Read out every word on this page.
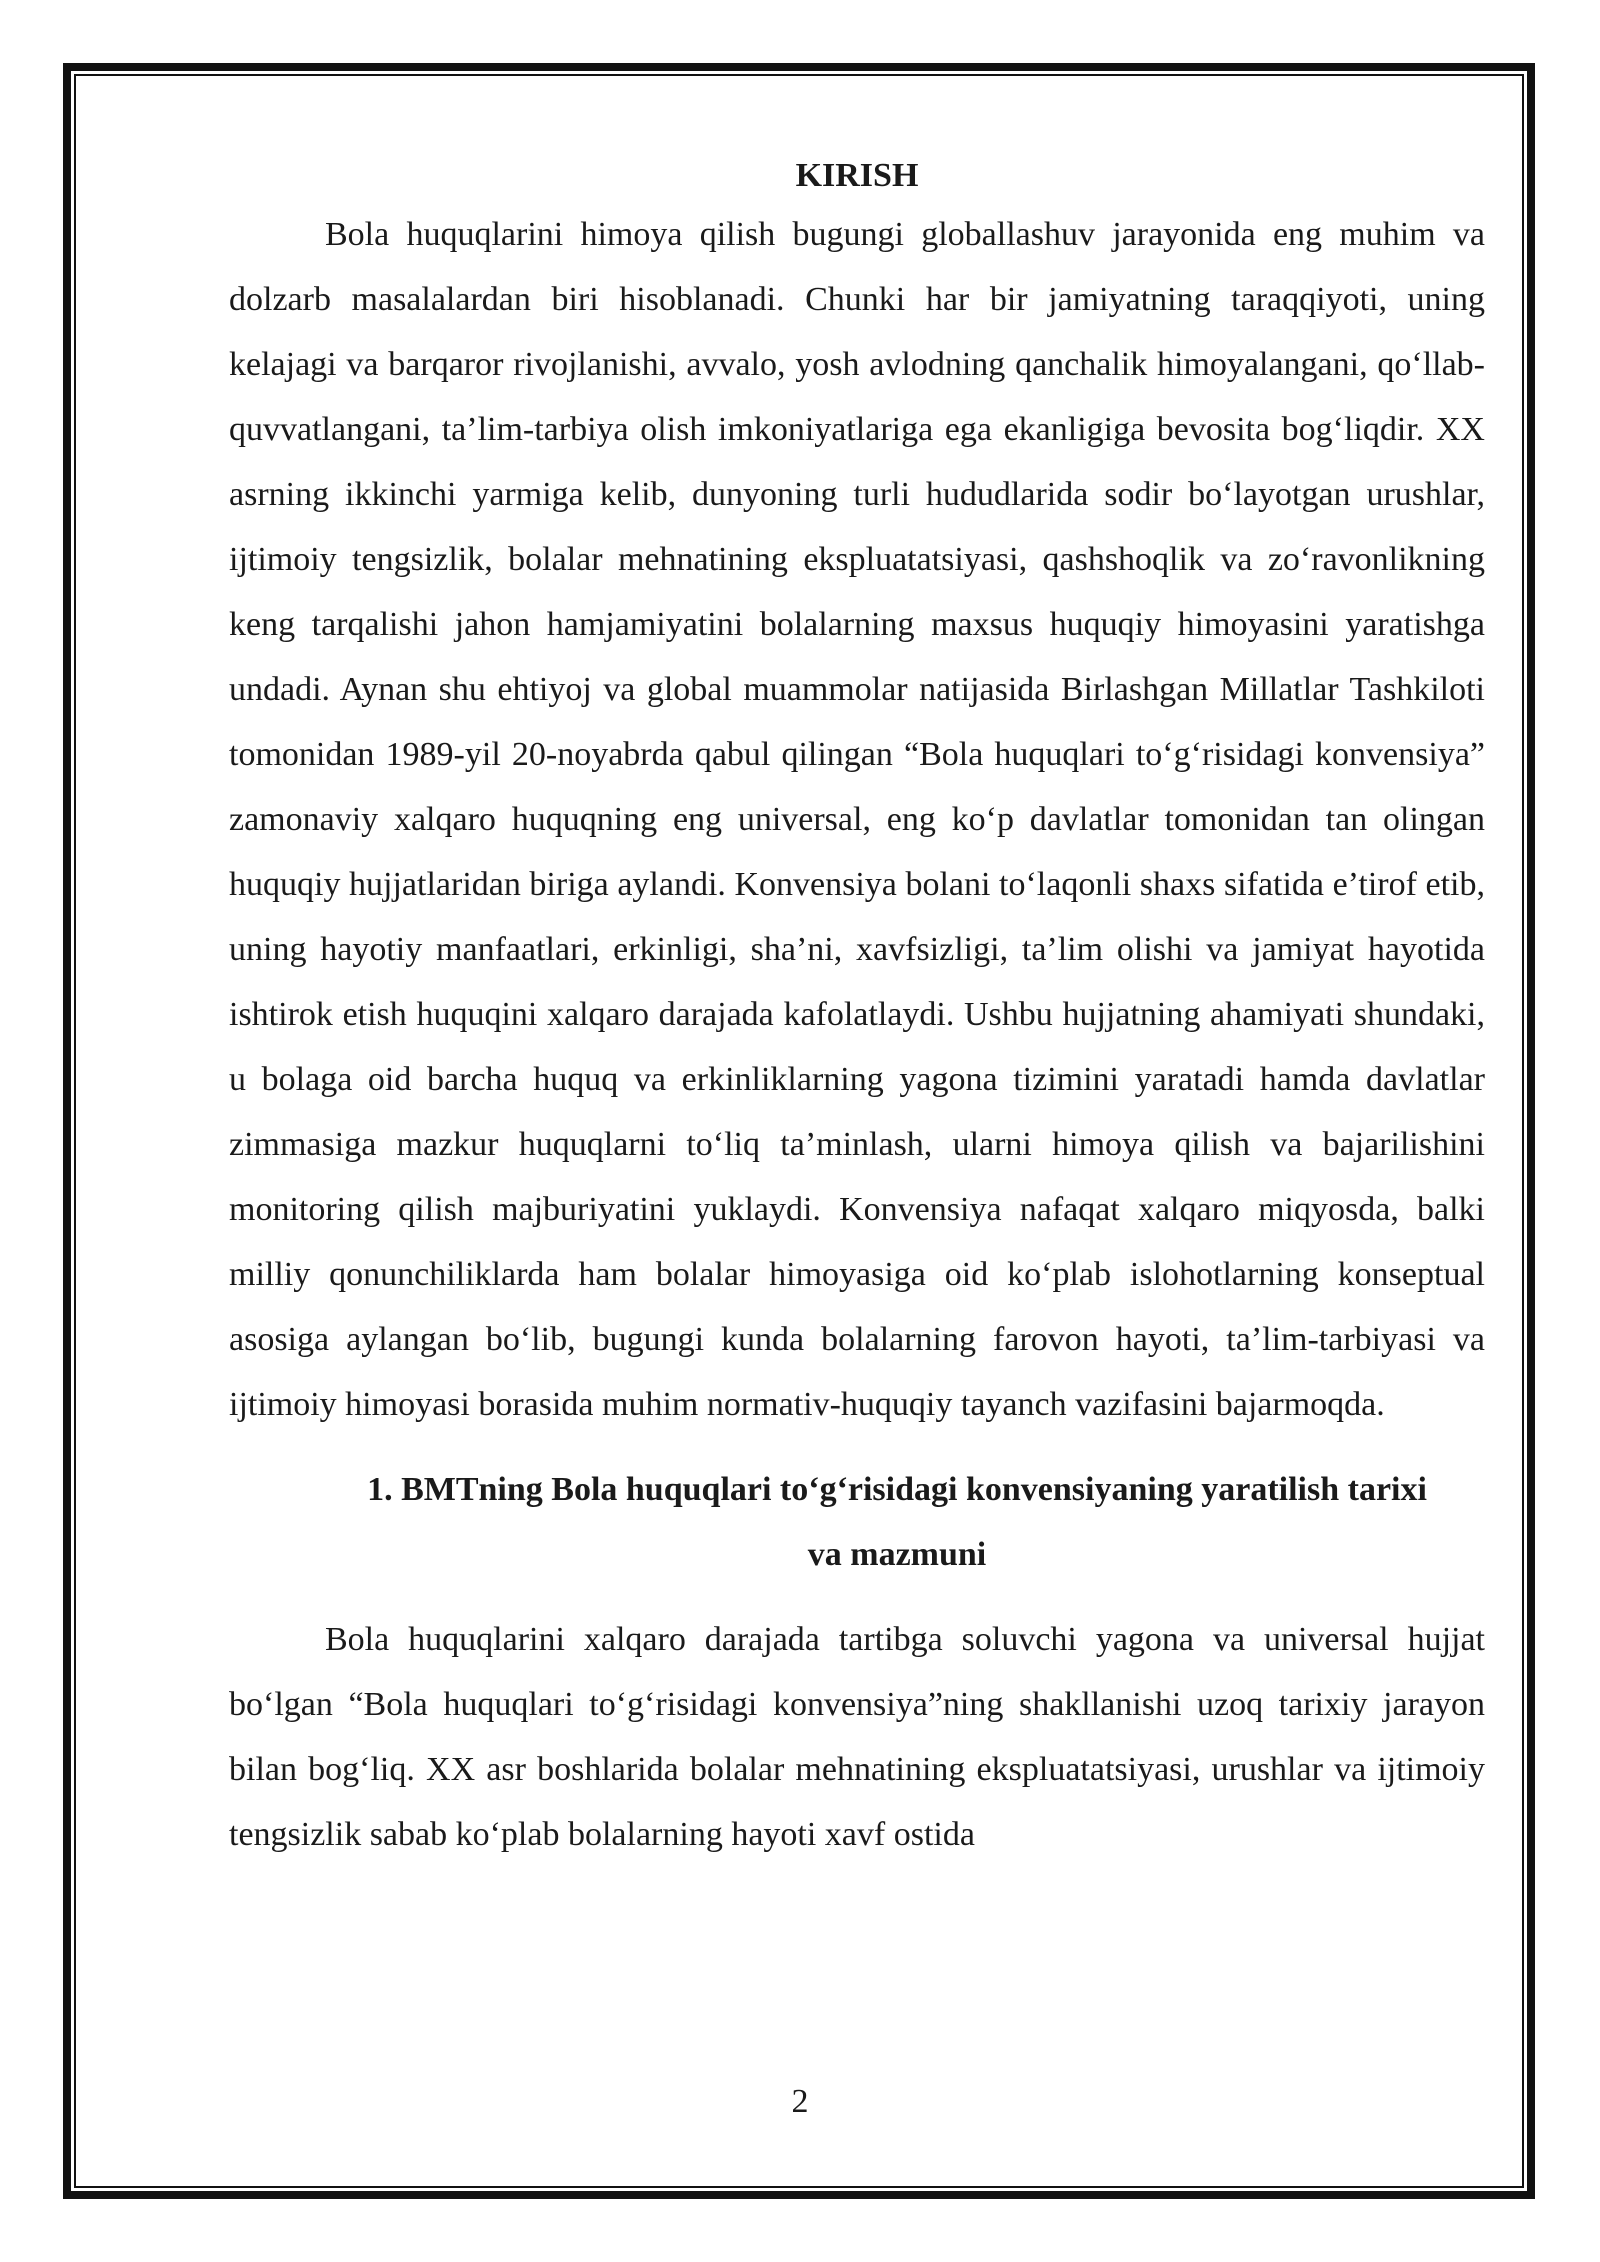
KIRISH

Bola huquqlarini himoya qilish bugungi globallashuv jarayonida eng muhim va dolzarb masalalardan biri hisoblanadi. Chunki har bir jamiyatning taraqqiyoti, uning kelajagi va barqaror rivojlanishi, avvalo, yosh avlodning qanchalik himoyalangani, qo‘llab-quvvatlangani, ta’lim-tarbiya olish imkoniyatlariga ega ekanligiga bevosita bog‘liqdir. XX asrning ikkinchi yarmiga kelib, dunyoning turli hududlarida sodir bo‘layotgan urushlar, ijtimoiy tengsizlik, bolalar mehnatining ekspluatatsiyasi, qashshoqlik va zo‘ravonlikning keng tarqalishi jahon hamjamiyatini bolalarning maxsus huquqiy himoyasini yaratishga undadi. Aynan shu ehtiyoj va global muammolar natijasida Birlashgan Millatlar Tashkiloti tomonidan 1989-yil 20-noyabrda qabul qilingan “Bola huquqlari to‘g‘risidagi konvensiya” zamonaviy xalqaro huquqning eng universal, eng ko‘p davlatlar tomonidan tan olingan huquqiy hujjatlaridan biriga aylandi. Konvensiya bolani to‘laqonli shaxs sifatida e’tirof etib, uning hayotiy manfaatlari, erkinligi, sha’ni, xavfsizligi, ta’lim olishi va jamiyat hayotida ishtirok etish huquqini xalqaro darajada kafolatlaydi. Ushbu hujjatning ahamiyati shundaki, u bolaga oid barcha huquq va erkinliklarning yagona tizimini yaratadi hamda davlatlar zimmasiga mazkur huquqlarni to‘liq ta’minlash, ularni himoya qilish va bajarilishini monitoring qilish majburiyatini yuklaydi. Konvensiya nafaqat xalqaro miqyosda, balki milliy qonunchiliklarda ham bolalar himoyasiga oid ko‘plab islohotlarning konseptual asosiga aylangan bo‘lib, bugungi kunda bolalarning farovon hayoti, ta’lim-tarbiyasi va ijtimoiy himoyasi borasida muhim normativ-huquqiy tayanch vazifasini bajarmoqda.

1. BMTning Bola huquqlari to‘g‘risidagi konvensiyaning yaratilish tarixi va mazmuni

Bola huquqlarini xalqaro darajada tartibga soluvchi yagona va universal hujjat bo‘lgan “Bola huquqlari to‘g‘risidagi konvensiya”ning shakllanishi uzoq tarixiy jarayon bilan bog‘liq. XX asr boshlarida bolalar mehnatining ekspluatatsiyasi, urushlar va ijtimoiy tengsizlik sabab ko‘plab bolalarning hayoti xavf ostida

2
